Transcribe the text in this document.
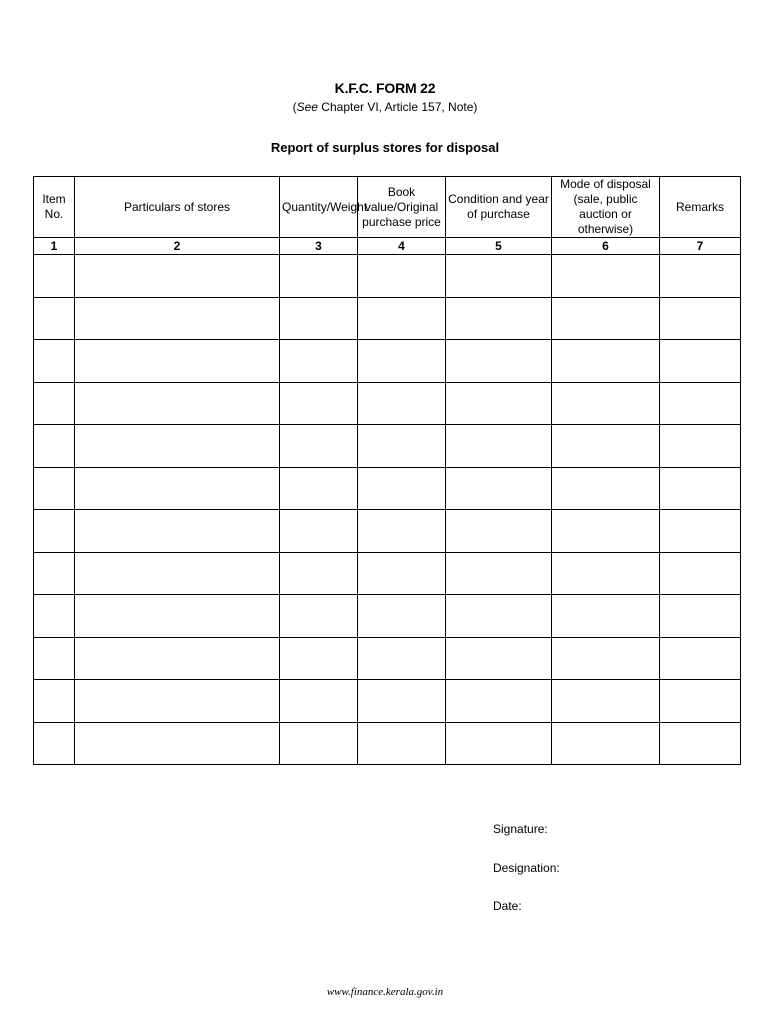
K.F.C. FORM 22
(See Chapter VI, Article 157, Note)
Report of surplus stores for disposal
Item No.	Particulars of stores	Quantity/Weight	Book value/Original purchase price	Condition and year of purchase	Mode of disposal (sale, public auction or otherwise)	Remarks
1	2	3	4	5	6	7

Signature:
Designation:
Date:
www.finance.kerala.gov.in
